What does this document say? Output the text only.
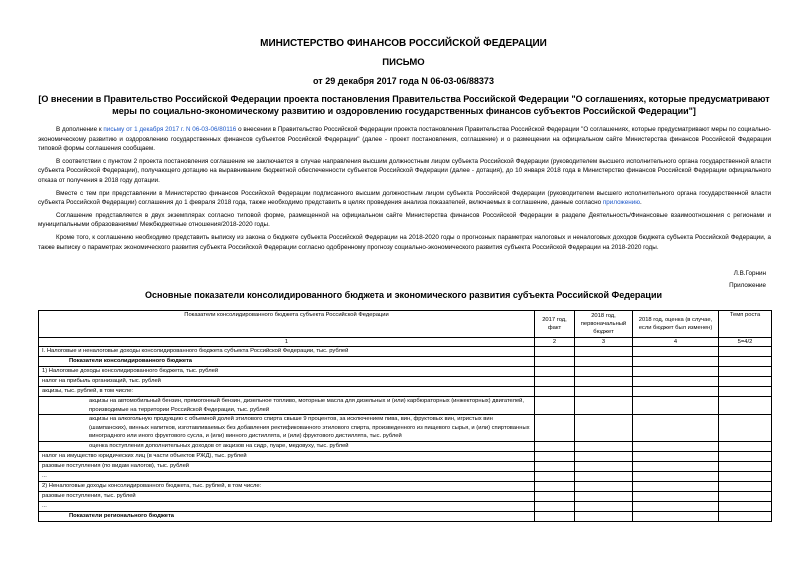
МИНИСТЕРСТВО ФИНАНСОВ РОССИЙСКОЙ ФЕДЕРАЦИИ
ПИСЬМО
от 29 декабря 2017 года N 06-03-06/88373
[О внесении в Правительство Российской Федерации проекта постановления Правительства Российской Федерации "О соглашениях, которые предусматривают меры по социально-экономическому развитию и оздоровлению государственных финансов субъектов Российской Федерации"]

В дополнение к письму от 1 декабря 2017 г. N 06-03-06/80116 о внесении в Правительство Российской Федерации проекта постановления Правительства Российской Федерации "О соглашениях, которые предусматривают меры по социально-экономическому развитию и оздоровлению государственных финансов субъектов Российской Федерации" (далее - проект постановления, соглашение) и о размещении на официальном сайте Министерства финансов Российской Федерации типовой формы соглашения сообщаем.

В соответствии с пунктом 2 проекта постановления соглашение не заключается в случае направления высшим должностным лицом субъекта Российской Федерации (руководителем высшего исполнительного органа государственной власти субъекта Российской Федерации), получающего дотацию на выравнивание бюджетной обеспеченности субъектов Российской Федерации (далее - дотация), до 10 января 2018 года в Министерство финансов Российской Федерации официального отказа от получения в 2018 году дотации.

Вместе с тем при представлении в Министерство финансов Российской Федерации подписанного высшим должностным лицом субъекта Российской Федерации (руководителем высшего исполнительного органа государственной власти субъекта Российской Федерации) соглашения до 1 февраля 2018 года, также необходимо представить в целях проведения анализа показателей, включаемых в соглашение, данные согласно приложению.

Соглашение представляется в двух экземплярах согласно типовой форме, размещенной на официальном сайте Министерства финансов Российской Федерации в разделе Деятельность/Финансовые взаимоотношения с регионами и муниципальными образованиями/ Межбюджетные отношения/2018-2020 годы.

Кроме того, к соглашению необходимо представить выписку из закона о бюджете субъекта Российской Федерации на 2018-2020 годы о прогнозных параметрах налоговых и неналоговых доходов бюджета субъекта Российской Федерации, а также выписку о параметрах экономического развития субъекта Российской Федерации согласно одобренному прогнозу социально-экономического развития субъекта Российской Федерации на 2018-2020 годы.

Л.В.Горнин
Приложение
Основные показатели консолидированного бюджета и экономического развития субъекта Российской Федерации
Показатели консолидированного бюджета субъекта Российской Федерации	2017 год, факт	2018 год, первоначальный бюджет	2018 год, оценка (в случае, если бюджет был изменен)	Темп роста
1	2	3	4	5=4/2
I. Налоговые и неналоговые доходы консолидированного бюджета субъекта Российской Федерации, тыс. рублей				
Показатели консолидированного бюджета				
1) Налоговые доходы консолидированного бюджета, тыс. рублей				
налог на прибыль организаций, тыс. рублей				
акцизы, тыс. рублей, в том числе:				
акцизы на автомобильный бензин, прямогонный бензин, дизельное топливо, моторные масла для дизельных и (или) карбюраторных (инжекторных) двигателей, производимые на территории Российской Федерации, тыс. рублей				
акцизы на алкогольную продукцию с объемной долей этилового спирта свыше 9 процентов, за исключением пива, вин, фруктовых вин, игристых вин (шампанских), винных напитков, изготавливаемых без добавления ректификованного этилового спирта, произведенного из пищевого сырья, и (или) спиртованных виноградного или иного фруктового сусла, и (или) винного дистиллята, и (или) фруктового дистиллята, тыс. рублей				
оценка поступления дополнительных доходов от акцизов на сидр, пуаре, медовуху, тыс. рублей				
налог на имущество юридических лиц (в части объектов РЖД), тыс. рублей				
разовые поступления (по видам налогов), тыс. рублей				
...				
2) Неналоговые доходы консолидированного бюджета, тыс. рублей, в том числе:				
разовые поступления, тыс. рублей				
...				
Показатели регионального бюджета				
